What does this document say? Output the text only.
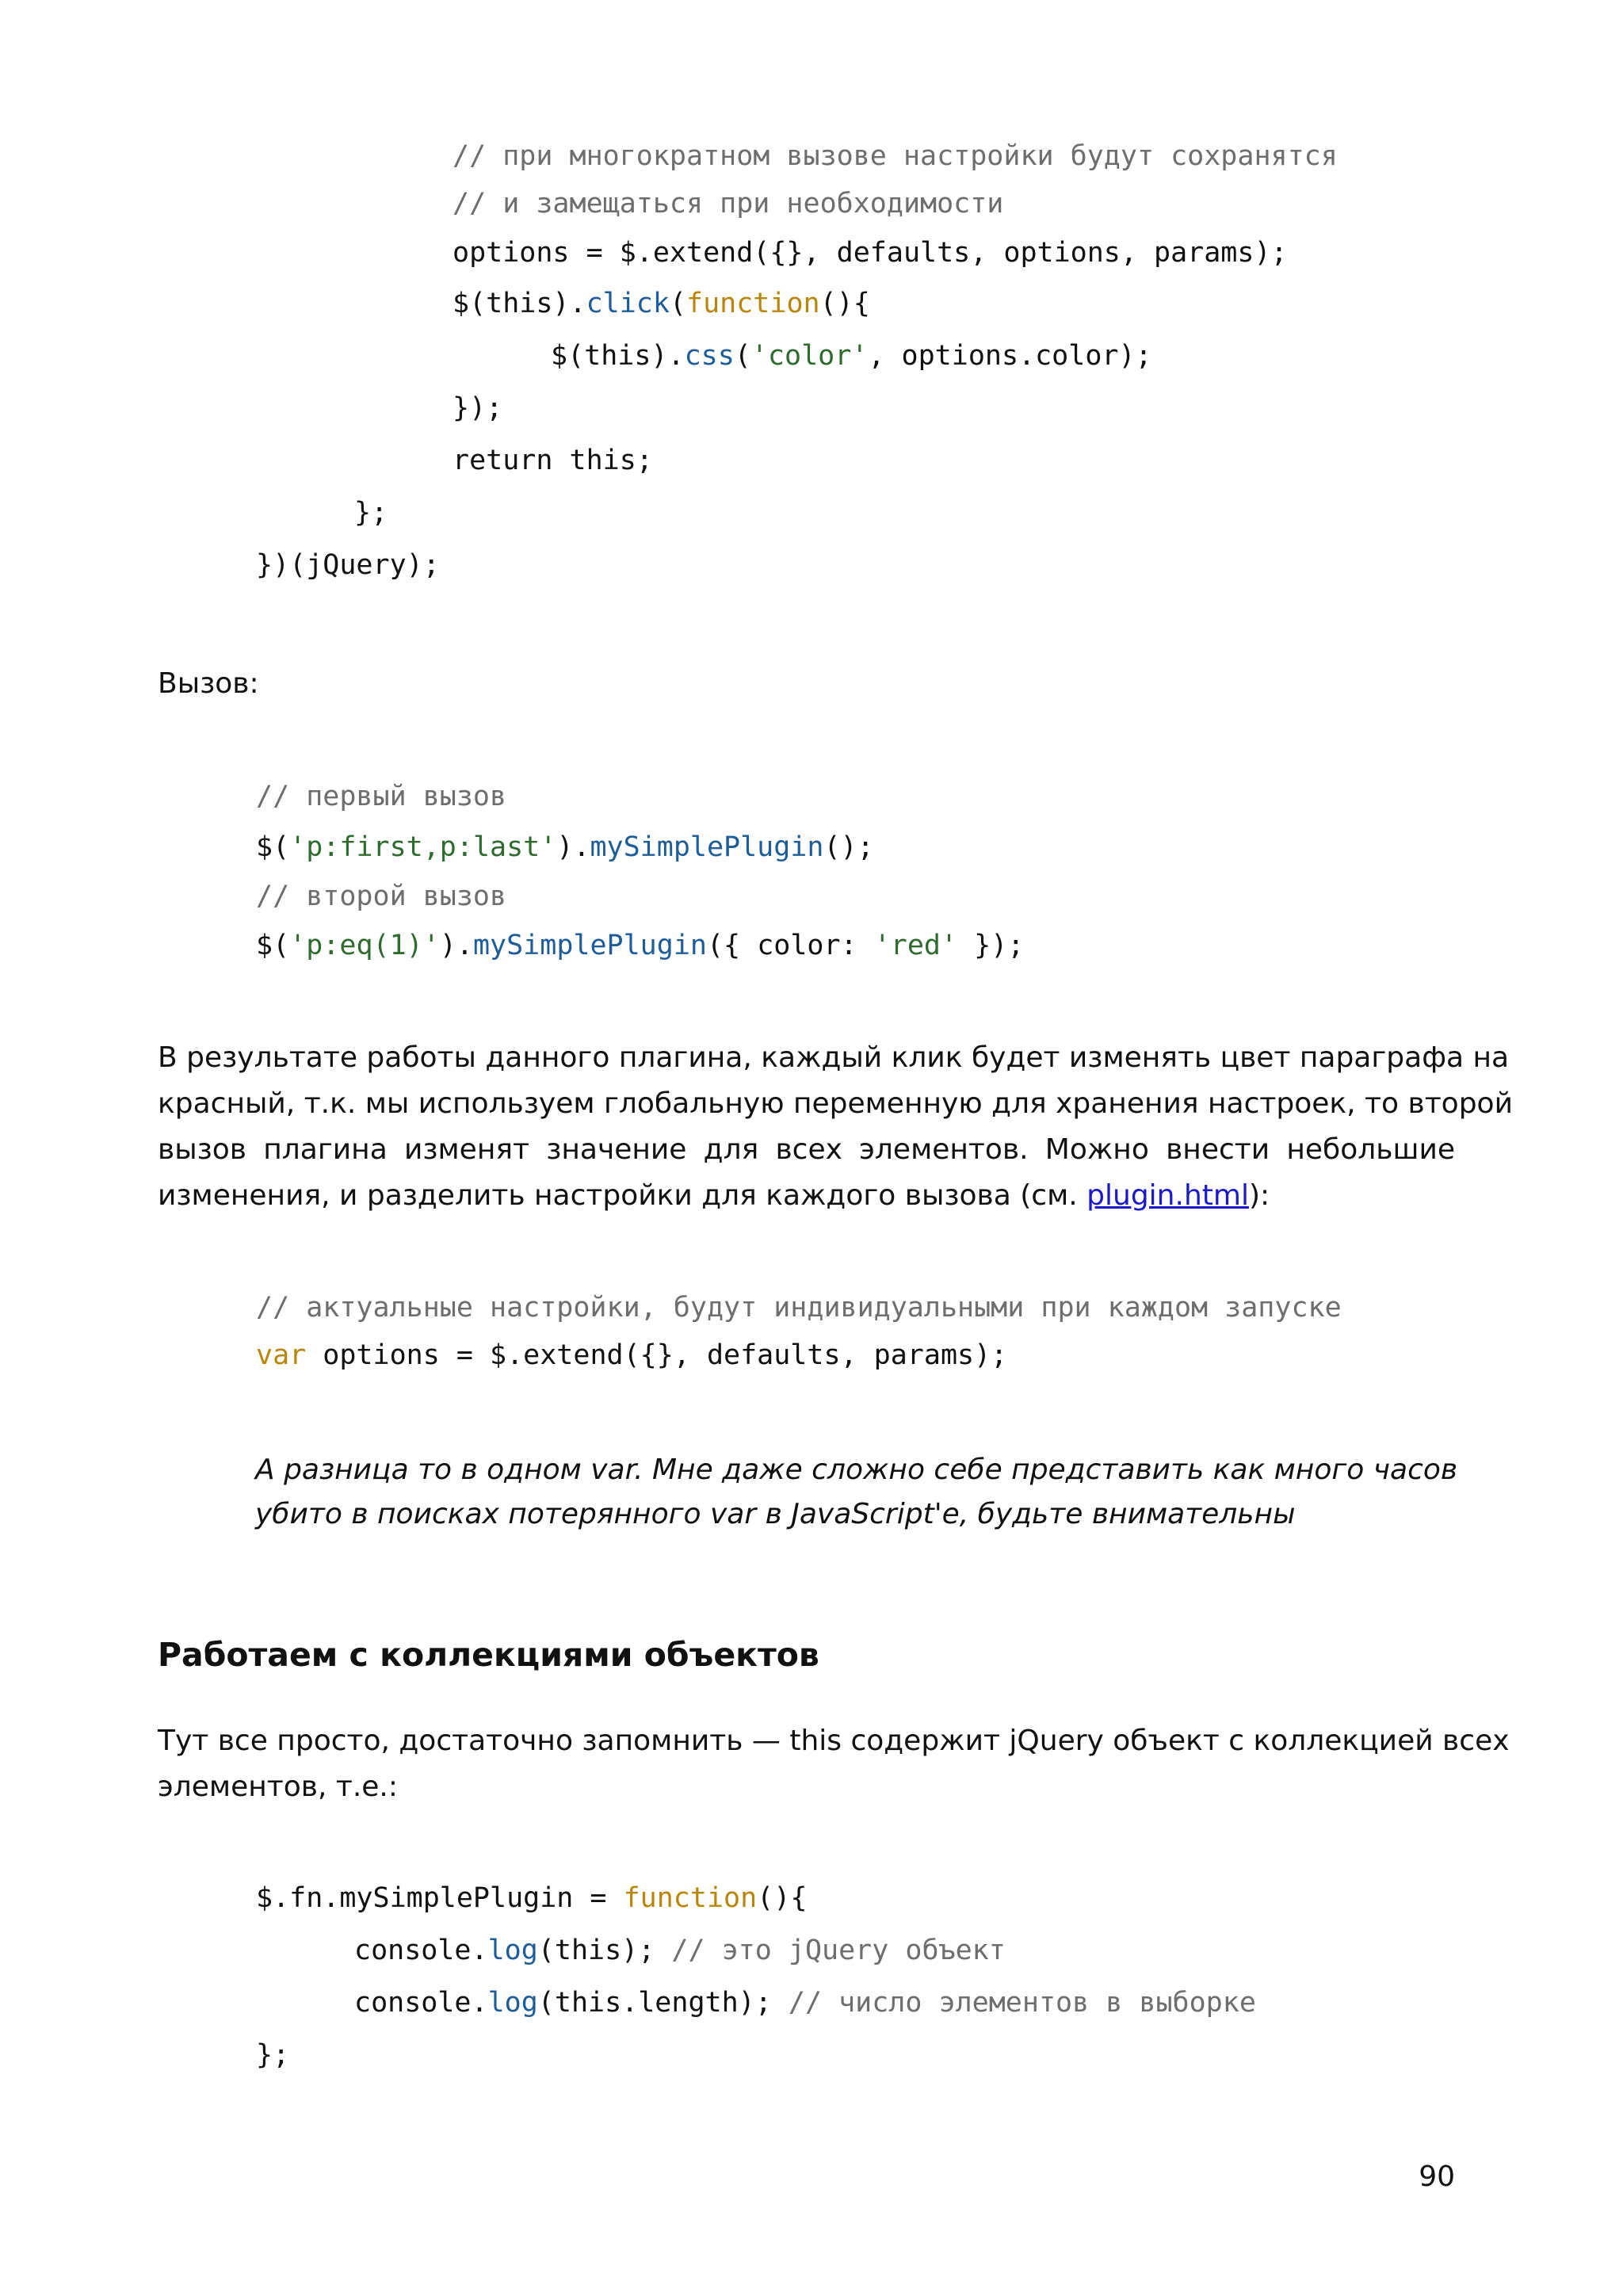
// при многократном вызове настройки будут сохранятся
// и замещаться при необходимости
options = $.extend({}, defaults, options, params);
$(this).click(function(){
$(this).css('color', options.color);
});
return this;
};
})(jQuery);
Вызов:
// первый вызов
$('p:first,p:last').mySimplePlugin();
// второй вызов
$('p:eq(1)').mySimplePlugin({ color: 'red' });
В результате работы данного плагина, каждый клик будет изменять цвет параграфа на
красный, т.к. мы используем глобальную переменную для хранения настроек, то второй
вызов плагина изменят значение для всех элементов. Можно внести небольшие
изменения, и разделить настройки для каждого вызова (см. plugin.html):
// актуальные настройки, будут индивидуальными при каждом запуске
var options = $.extend({}, defaults, params);
А разница то в одном var. Мне даже сложно себе представить как много часов
убито в поисках потерянного var в JavaScript'e, будьте внимательны
Работаем с коллекциями объектов
Тут все просто, достаточно запомнить — this содержит jQuery объект с коллекцией всех
элементов, т.е.:
$.fn.mySimplePlugin = function(){
console.log(this); // это jQuery объект
console.log(this.length); // число элементов в выборке
};
90
